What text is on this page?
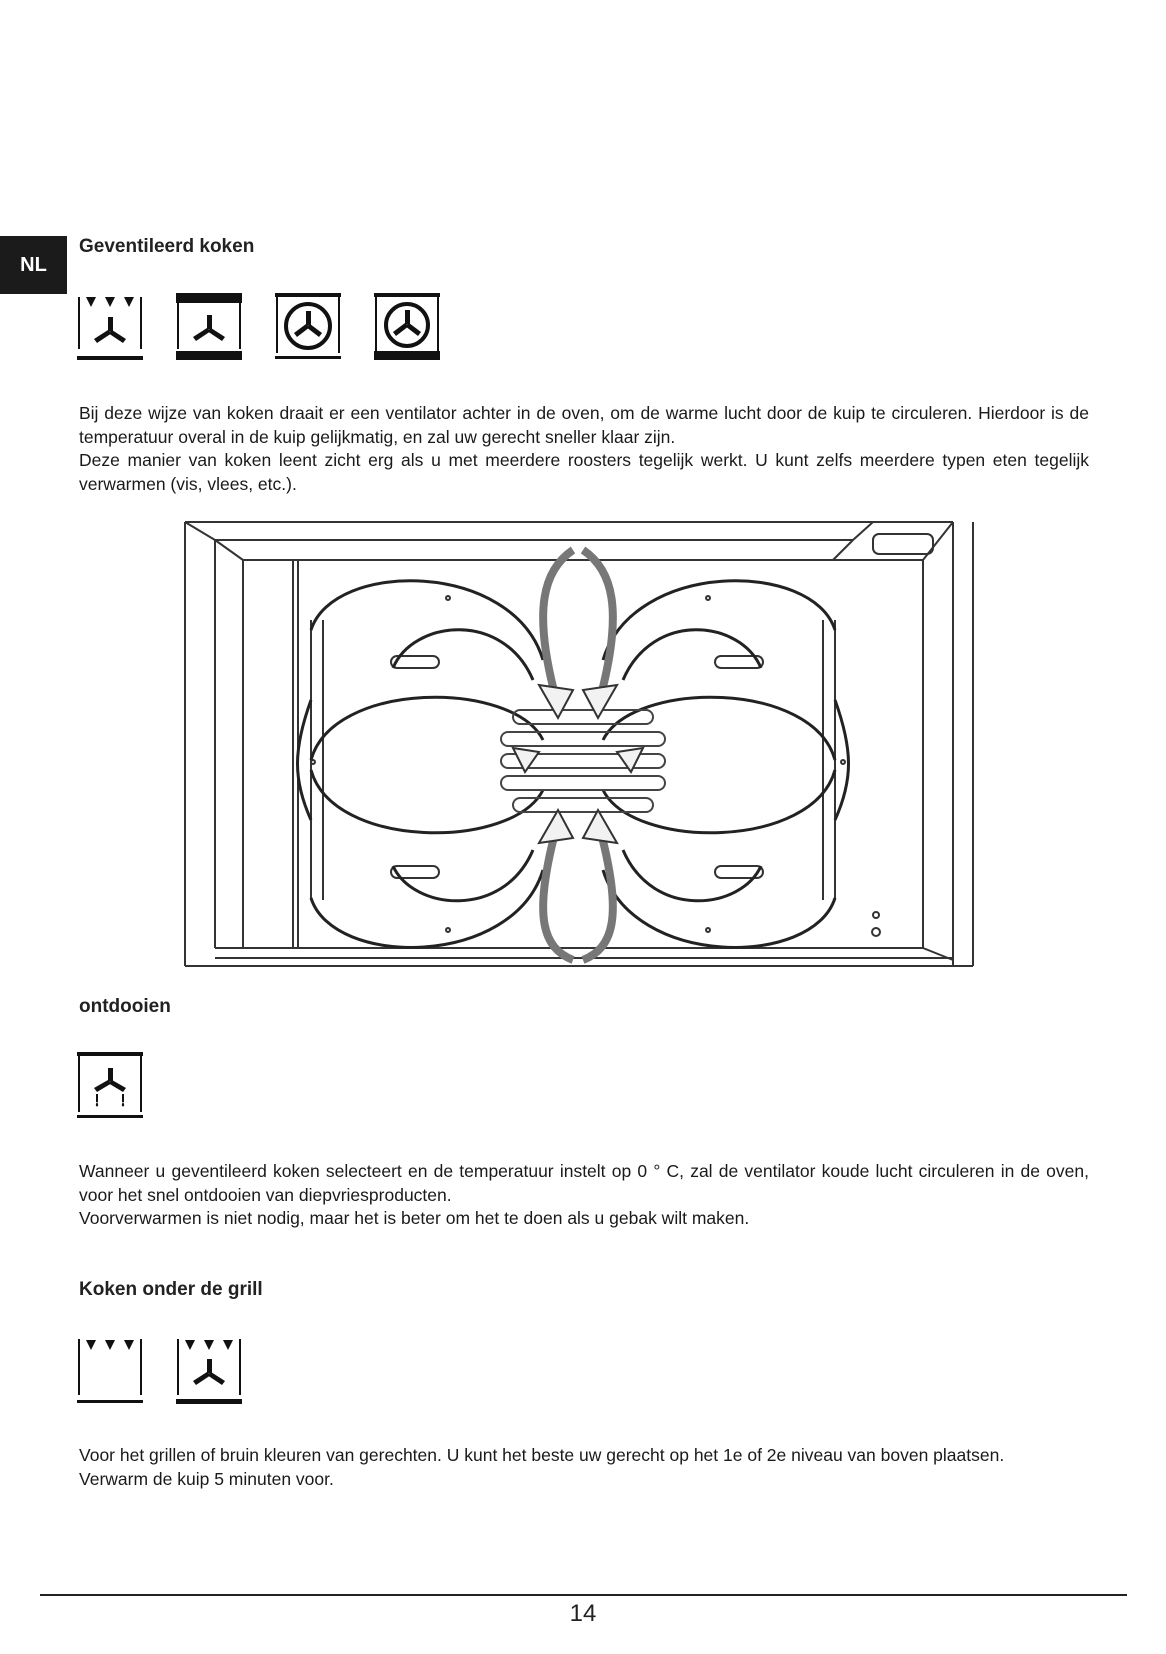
NL
Geventileerd koken

Bij deze wijze van koken draait er een ventilator achter in de oven, om de warme lucht door de kuip te circuleren. Hierdoor is de temperatuur overal in de kuip gelijkmatig, en zal uw gerecht sneller klaar zijn.

Deze manier van koken leent zicht erg als u met meerdere roosters tegelijk werkt. U kunt zelfs meerdere typen eten tegelijk verwarmen (vis, vlees, etc.).

ontdooien

Wanneer u geventileerd koken selecteert en de temperatuur instelt op 0 ° C, zal de ventilator koude lucht circuleren in de oven, voor het snel ontdooien van diepvriesproducten.

Voorverwarmen is niet nodig, maar het is beter om het te doen als u gebak wilt maken.

Koken onder de grill

Voor het grillen of bruin kleuren van gerechten. U kunt het beste uw gerecht op het 1e of 2e niveau van boven plaatsen.

Verwarm de kuip 5 minuten voor.

14
